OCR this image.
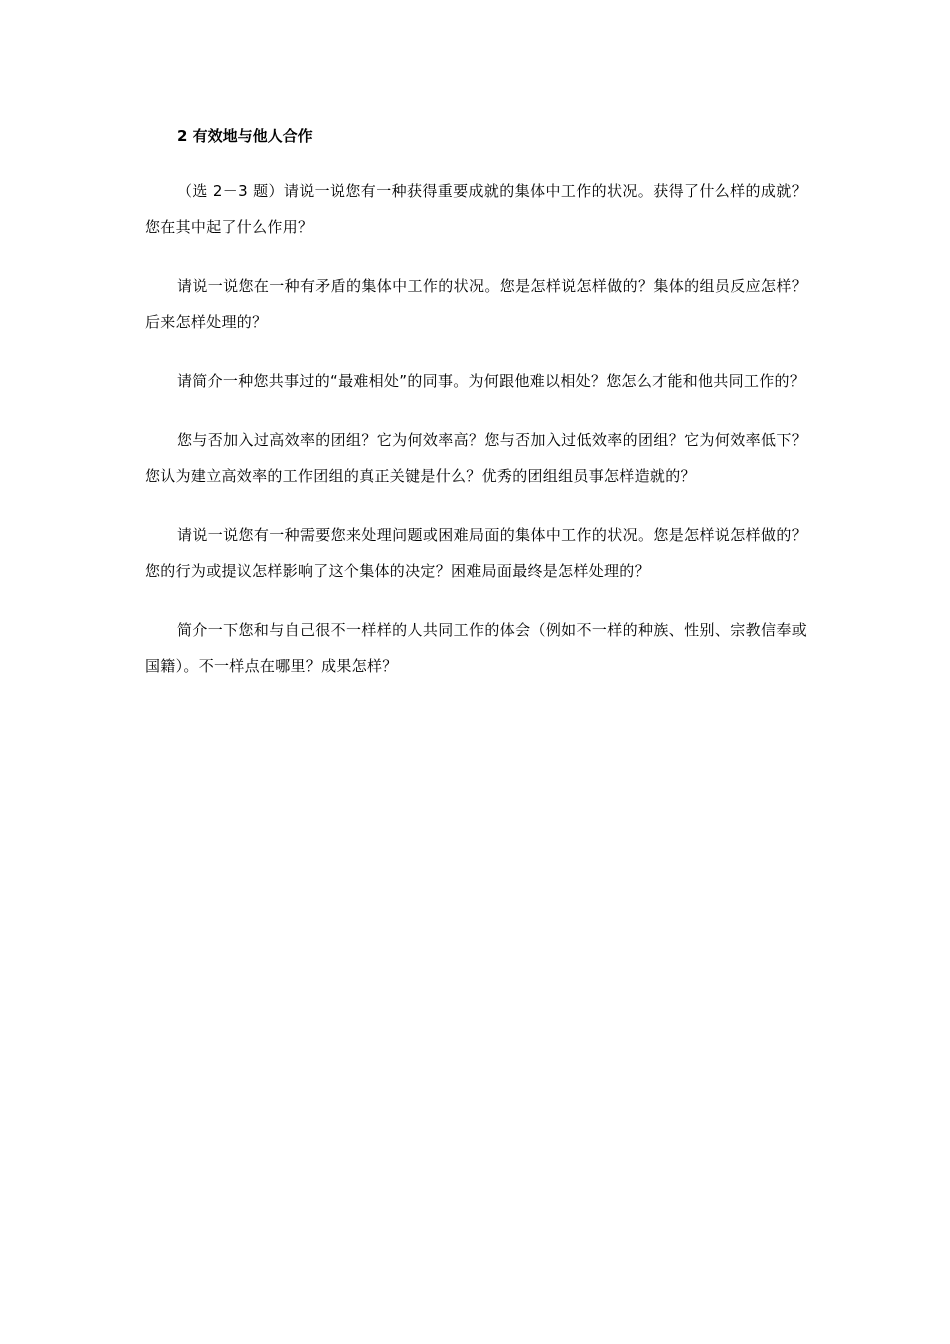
2 有效地与他人合作

（选 2－3 题）请说一说您有一种获得重要成就的集体中工作的状况。获得了什么样的成就？您在其中起了什么作用？

请说一说您在一种有矛盾的集体中工作的状况。您是怎样说怎样做的？集体的组员反应怎样？后来怎样处理的？

请简介一种您共事过的“最难相处”的同事。为何跟他难以相处？您怎么才能和他共同工作的？

您与否加入过高效率的团组？它为何效率高？您与否加入过低效率的团组？它为何效率低下？您认为建立高效率的工作团组的真正关键是什么？优秀的团组组员事怎样造就的？

请说一说您有一种需要您来处理问题或困难局面的集体中工作的状况。您是怎样说怎样做的？您的行为或提议怎样影响了这个集体的决定？困难局面最终是怎样处理的？

简介一下您和与自己很不一样样的人共同工作的体会（例如不一样的种族、性别、宗教信奉或国籍）。不一样点在哪里？成果怎样？
